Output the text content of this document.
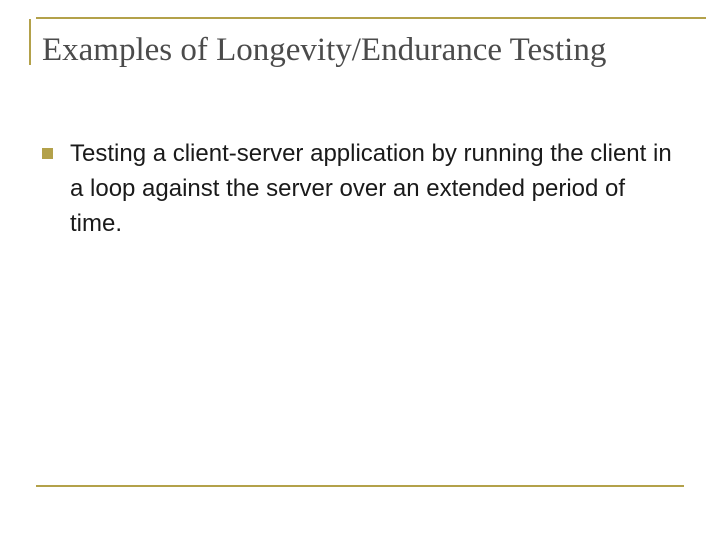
Examples of Longevity/Endurance Testing
Testing a client-server application by running the client in a loop against the server over an extended period of time.
